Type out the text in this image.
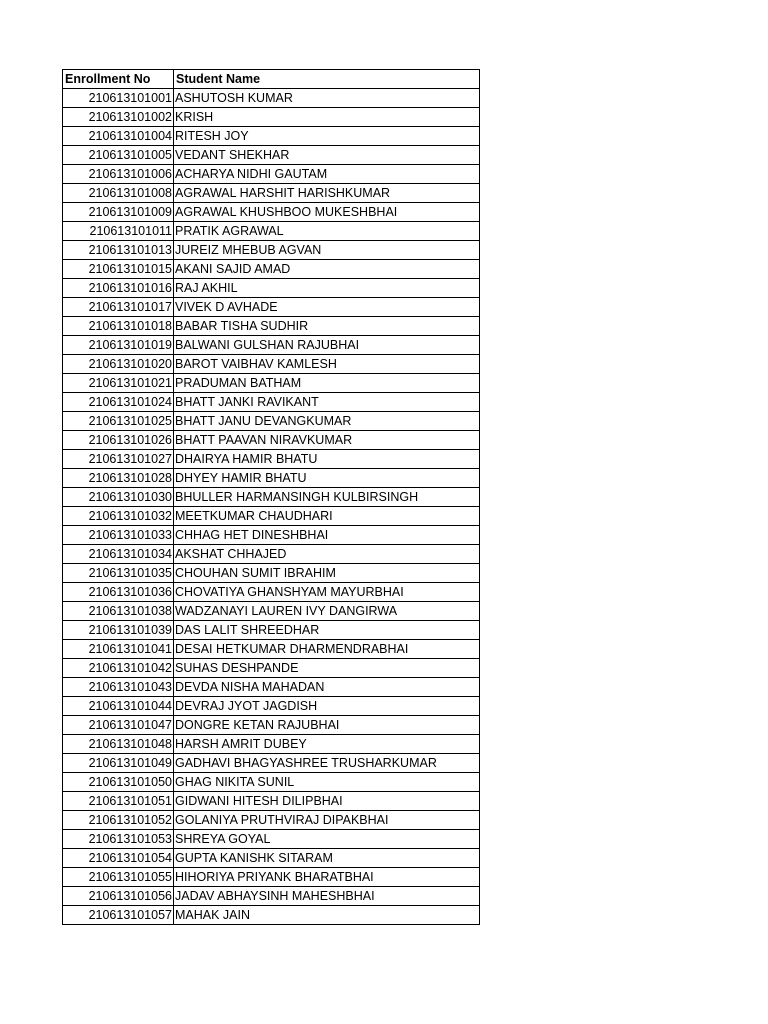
Enrollment No	Student Name
210613101001	ASHUTOSH KUMAR
210613101002	KRISH
210613101004	RITESH JOY
210613101005	VEDANT SHEKHAR
210613101006	ACHARYA NIDHI GAUTAM
210613101008	AGRAWAL HARSHIT HARISHKUMAR
210613101009	AGRAWAL KHUSHBOO MUKESHBHAI
210613101011	PRATIK AGRAWAL
210613101013	JUREIZ MHEBUB AGVAN
210613101015	AKANI SAJID AMAD
210613101016	RAJ AKHIL
210613101017	VIVEK D AVHADE
210613101018	BABAR TISHA SUDHIR
210613101019	BALWANI GULSHAN RAJUBHAI
210613101020	BAROT VAIBHAV KAMLESH
210613101021	PRADUMAN BATHAM
210613101024	BHATT JANKI RAVIKANT
210613101025	BHATT JANU DEVANGKUMAR
210613101026	BHATT PAAVAN NIRAVKUMAR
210613101027	DHAIRYA HAMIR BHATU
210613101028	DHYEY HAMIR BHATU
210613101030	BHULLER HARMANSINGH KULBIRSINGH
210613101032	MEETKUMAR CHAUDHARI
210613101033	CHHAG HET DINESHBHAI
210613101034	AKSHAT CHHAJED
210613101035	CHOUHAN SUMIT IBRAHIM
210613101036	CHOVATIYA GHANSHYAM MAYURBHAI
210613101038	WADZANAYI LAUREN IVY DANGIRWA
210613101039	DAS LALIT SHREEDHAR
210613101041	DESAI HETKUMAR DHARMENDRABHAI
210613101042	SUHAS DESHPANDE
210613101043	DEVDA NISHA MAHADAN
210613101044	DEVRAJ JYOT JAGDISH
210613101047	DONGRE KETAN RAJUBHAI
210613101048	HARSH AMRIT DUBEY
210613101049	GADHAVI BHAGYASHREE TRUSHARKUMAR
210613101050	GHAG NIKITA SUNIL
210613101051	GIDWANI HITESH DILIPBHAI
210613101052	GOLANIYA PRUTHVIRAJ DIPAKBHAI
210613101053	SHREYA GOYAL
210613101054	GUPTA KANISHK SITARAM
210613101055	HIHORIYA PRIYANK BHARATBHAI
210613101056	JADAV ABHAYSINH MAHESHBHAI
210613101057	MAHAK JAIN
